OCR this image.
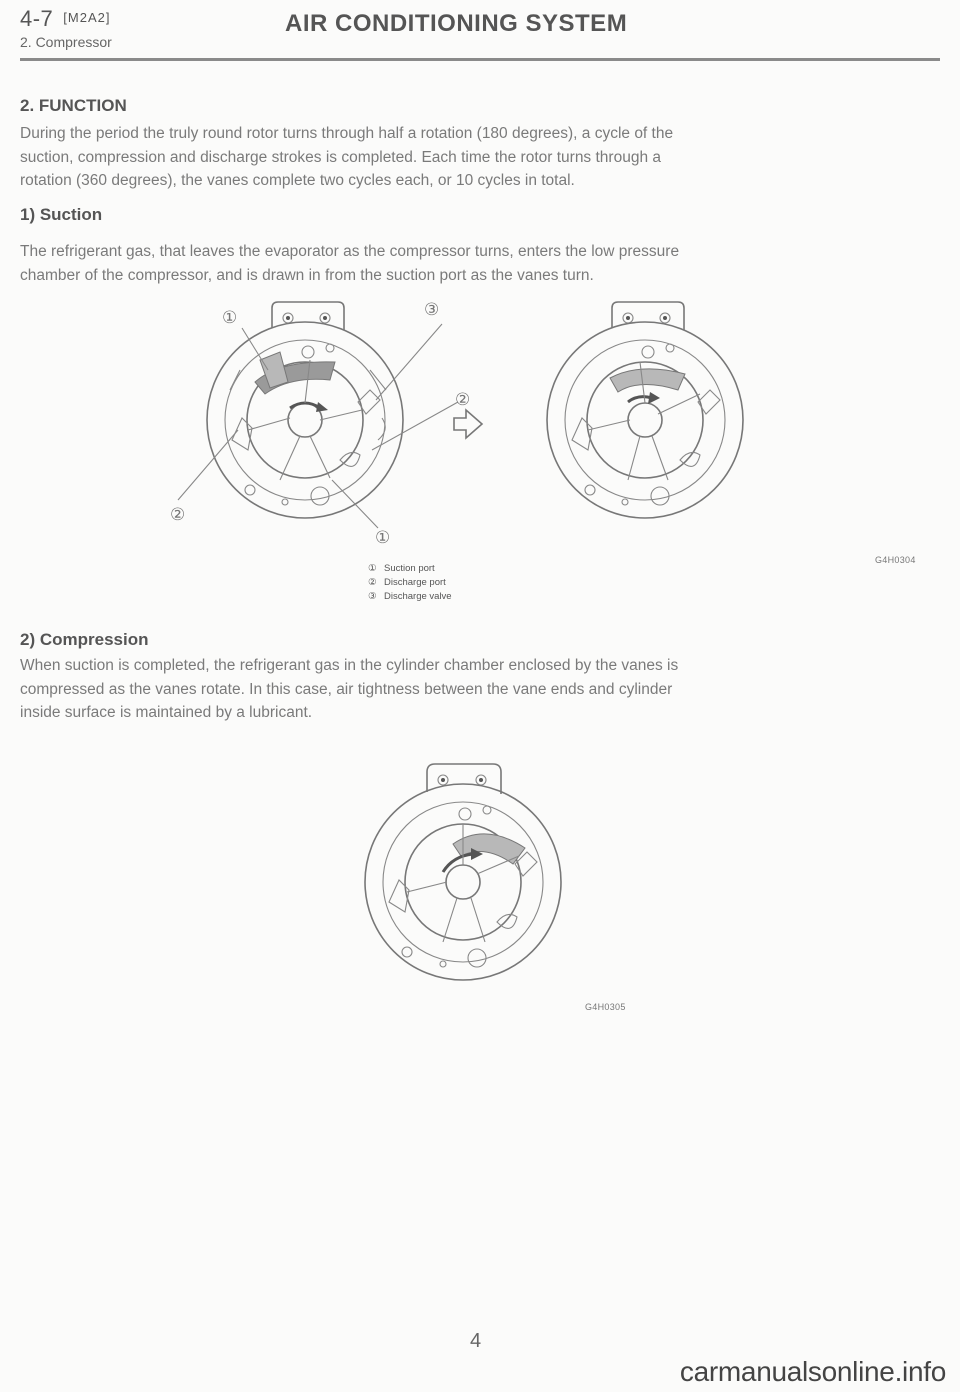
4-7 [M2A2]
2. Compressor
AIR CONDITIONING SYSTEM
2. FUNCTION
During the period the truly round rotor turns through half a rotation (180 degrees), a cycle of the
suction, compression and discharge strokes is completed. Each time the rotor turns through a
rotation (360 degrees), the vanes complete two cycles each, or 10 cycles in total.
1) Suction
The refrigerant gas, that leaves the evaporator as the compressor turns, enters the low pressure
chamber of the compressor, and is drawn in from the suction port as the vanes turn.
①	③
②
②
①
G4H0304
① Suction port
② Discharge port
③ Discharge valve
2) Compression
When suction is completed, the refrigerant gas in the cylinder chamber enclosed by the vanes is
compressed as the vanes rotate. In this case, air tightness between the vane ends and cylinder
inside surface is maintained by a lubricant.
G4H0305
4
carmanualsonline.info
